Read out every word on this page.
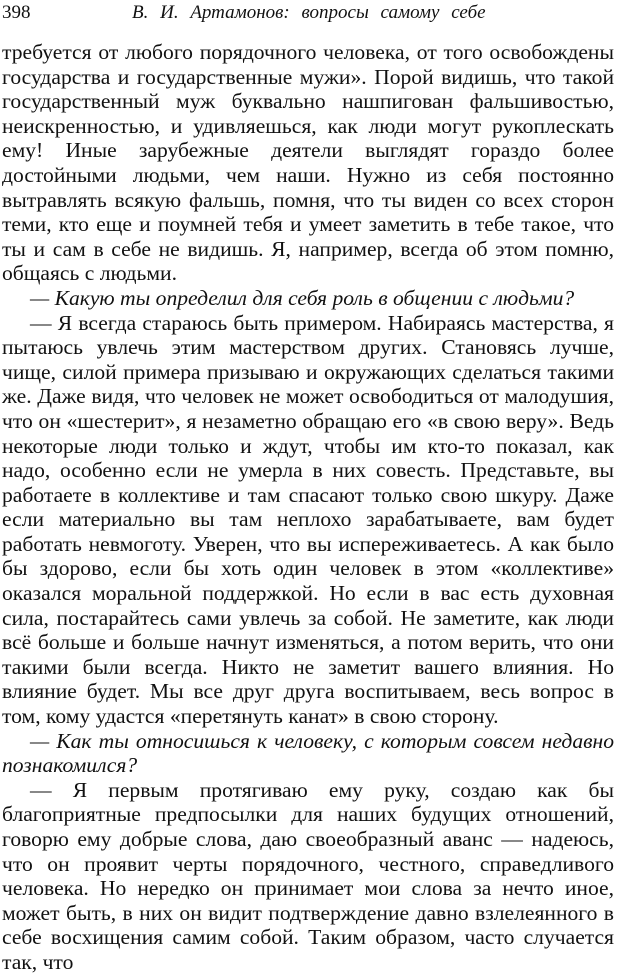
398	В. И. Артамонов: вопросы самому себе

требуется от любого порядочного человека, от того освобождены государства и государственные мужи». Порой видишь, что такой государственный муж буквально нашпигован фальшивостью, неискренностью, и удивляешься, как люди могут рукоплескать ему! Иные зарубежные деятели выглядят гораздо более достойными людьми, чем наши. Нужно из себя постоянно вытравлять всякую фальшь, помня, что ты виден со всех сторон теми, кто еще и поумней тебя и умеет заметить в тебе такое, что ты и сам в себе не видишь. Я, например, всегда об этом помню, общаясь с людьми.

— Какую ты определил для себя роль в общении с людьми?

— Я всегда стараюсь быть примером. Набираясь мастерства, я пытаюсь увлечь этим мастерством других. Становясь лучше, чище, силой примера призываю и окружающих сделаться такими же. Даже видя, что человек не может освободиться от малодушия, что он «шестерит», я незаметно обращаю его «в свою веру». Ведь некоторые люди только и ждут, чтобы им кто-то показал, как надо, особенно если не умерла в них совесть. Представьте, вы работаете в коллективе и там спасают только свою шкуру. Даже если материально вы там неплохо зарабатываете, вам будет работать невмоготу. Уверен, что вы испереживаетесь. А как было бы здорово, если бы хоть один человек в этом «коллективе» оказался моральной поддержкой. Но если в вас есть духовная сила, постарайтесь сами увлечь за собой. Не заметите, как люди всё больше и больше начнут изменяться, а потом верить, что они такими были всегда. Никто не заметит вашего влияния. Но влияние будет. Мы все друг друга воспитываем, весь вопрос в том, кому удастся «перетянуть канат» в свою сторону.

— Как ты относишься к человеку, с которым совсем недавно познакомился?

— Я первым протягиваю ему руку, создаю как бы благоприятные предпосылки для наших будущих отношений, говорю ему добрые слова, даю своеобразный аванс — надеюсь, что он проявит черты порядочного, честного, справедливого человека. Но нередко он принимает мои слова за нечто иное, может быть, в них он видит подтверждение давно взлелеянного в себе восхищения самим собой. Таким образом, часто случается так, что
